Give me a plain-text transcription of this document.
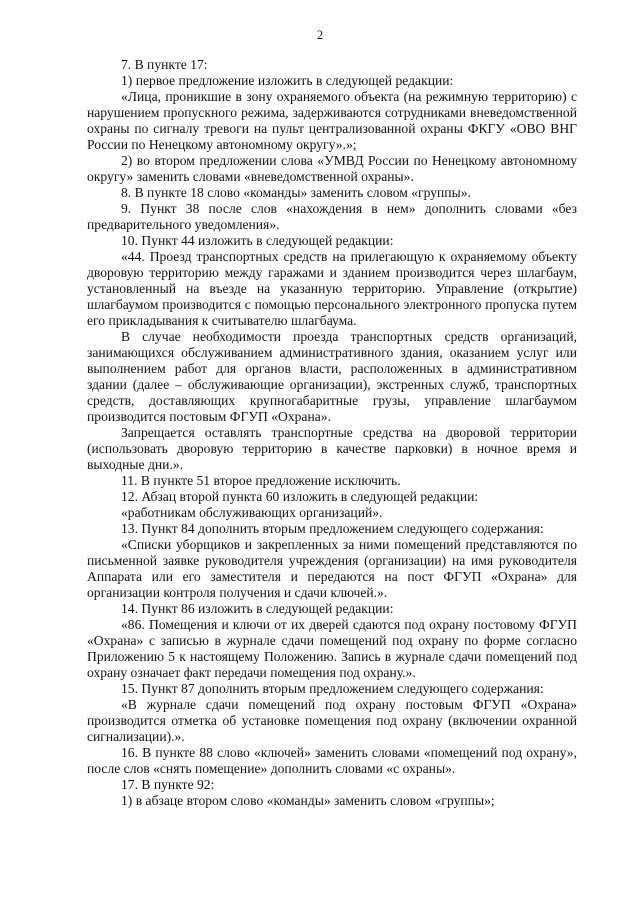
2

7. В пункте 17:

1) первое предложение изложить в следующей редакции:

«Лица, проникшие в зону охраняемого объекта (на режимную территорию) с нарушением пропускного режима, задерживаются сотрудниками вневедомственной охраны по сигналу тревоги на пульт централизованной охраны ФКГУ «ОВО ВНГ России по Ненецкому автономному округу».»;

2) во втором предложении слова «УМВД России по Ненецкому автономному округу» заменить словами «вневедомственной охраны».

8. В пункте 18 слово «команды» заменить словом «группы».

9. Пункт 38 после слов «нахождения в нем» дополнить словами «без предварительного уведомления».

10. Пункт 44 изложить в следующей редакции:

«44. Проезд транспортных средств на прилегающую к охраняемому объекту дворовую территорию между гаражами и зданием производится через шлагбаум, установленный на въезде на указанную территорию. Управление (открытие) шлагбаумом производится с помощью персонального электронного пропуска путем его прикладывания к считывателю шлагбаума.

В случае необходимости проезда транспортных средств организаций, занимающихся обслуживанием административного здания, оказанием услуг или выполнением работ для органов власти, расположенных в административном здании (далее – обслуживающие организации), экстренных служб, транспортных средств, доставляющих крупногабаритные грузы, управление шлагбаумом производится постовым ФГУП «Охрана».

Запрещается оставлять транспортные средства на дворовой территории (использовать дворовую территорию в качестве парковки) в ночное время и выходные дни.».

11. В пункте 51 второе предложение исключить.

12. Абзац второй пункта 60 изложить в следующей редакции:

«работникам обслуживающих организаций».

13. Пункт 84 дополнить вторым предложением следующего содержания:

«Списки уборщиков и закрепленных за ними помещений представляются по письменной заявке руководителя учреждения (организации) на имя руководителя Аппарата или его заместителя и передаются на пост ФГУП «Охрана» для организации контроля получения и сдачи ключей.».

14. Пункт 86 изложить в следующей редакции:

«86. Помещения и ключи от их дверей сдаются под охрану постовому ФГУП «Охрана» с записью в журнале сдачи помещений под охрану по форме согласно Приложению 5 к настоящему Положению. Запись в журнале сдачи помещений под охрану означает факт передачи помещения под охрану.».

15. Пункт 87 дополнить вторым предложением следующего содержания:

«В журнале сдачи помещений под охрану постовым ФГУП «Охрана» производится отметка об установке помещения под охрану (включении охранной сигнализации).».

16. В пункте 88 слово «ключей» заменить словами «помещений под охрану», после слов «снять помещение» дополнить словами «с охраны».

17. В пункте 92:

1) в абзаце втором слово «команды» заменить словом «группы»;
